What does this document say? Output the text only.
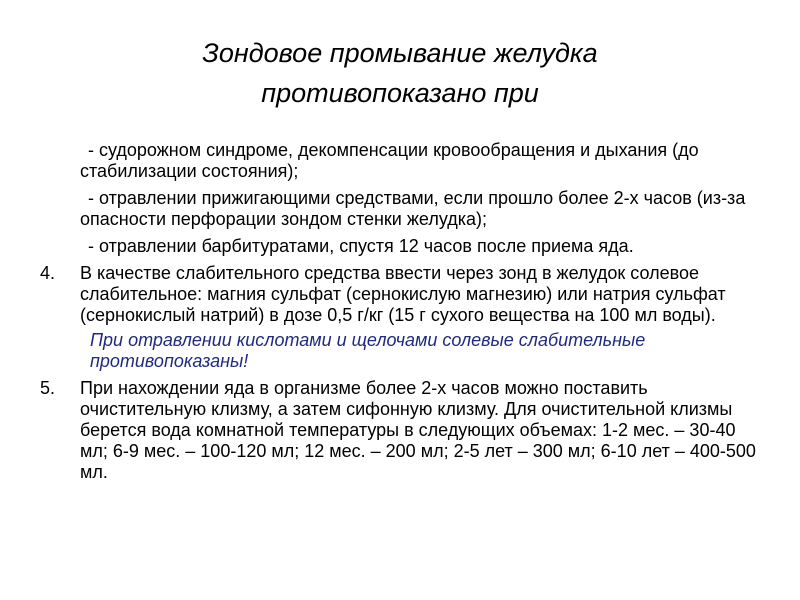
Зондовое промывание желудка
противопоказано при

- судорожном синдроме, декомпенсации кровообращения и дыхания (до стабилизации состояния);

- отравлении прижигающими средствами, если прошло более 2-х часов (из-за опасности перфорации зондом стенки желудка);

- отравлении барбитуратами, спустя 12 часов после приема яда.

4. В качестве слабительного средства ввести через зонд в желудок солевое слабительное: магния сульфат (сернокислую магнезию) или натрия сульфат (сернокислый натрий) в дозе 0,5 г/кг (15 г сухого вещества на 100 мл воды).

При отравлении кислотами и щелочами солевые слабительные противопоказаны!

5. При нахождении яда в организме более 2-х часов можно поставить очистительную клизму, а затем сифонную клизму. Для очистительной клизмы берется вода комнатной температуры в следующих объемах: 1-2 мес. – 30-40 мл; 6-9 мес. – 100-120 мл; 12 мес. – 200 мл; 2-5 лет – 300 мл; 6-10 лет – 400-500 мл.
